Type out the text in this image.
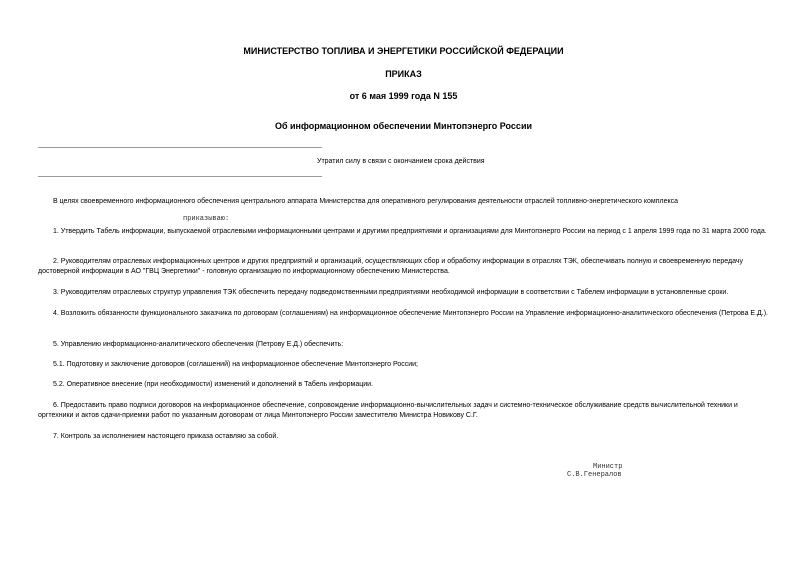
МИНИСТЕРСТВО ТОПЛИВА И ЭНЕРГЕТИКИ РОССИЙСКОЙ ФЕДЕРАЦИИ
ПРИКАЗ
от 6 мая 1999 года N 155
Об информационном обеспечении Минтопэнерго России
Утратил силу в связи с окончанием срока действия

В целях своевременного информационного обеспечения центрального аппарата Министерства для оперативного регулирования деятельности отраслей топливно-энергетического комплекса

приказываю:

1. Утвердить Табель информации, выпускаемой отраслевыми информационными центрами и другими предприятиями и организациями для Минтопэнерго России на период с 1 апреля 1999 года по 31 марта 2000 года.

2. Руководителям отраслевых информационных центров и других предприятий и организаций, осуществляющих сбор и обработку информации в отраслях ТЭК, обеспечивать полную и своевременную передачу достоверной информации в АО "ГВЦ Энергетики" - головную организацию по информационному обеспечению Министерства.

3. Руководителям отраслевых структур управления ТЭК обеспечить передачу подведомственными предприятиями необходимой информации в соответствии с Табелем информации в установленные сроки.

4. Возложить обязанности функционального заказчика по договорам (соглашениям) на информационное обеспечение Минтопэнерго России на Управление информационно-аналитического обеспечения (Петрова Е.Д.).

5. Управлению информационно-аналитического обеспечения (Петрову Е.Д.) обеспечить:

5.1. Подготовку и заключение договоров (соглашений) на информационное обеспечение Минтопэнерго России;

5.2. Оперативное внесение (при необходимости) изменений и дополнений в Табель информации.

6. Предоставить право подписи договоров на информационное обеспечение, сопровождение информационно-вычислительных задач и системно-техническое обслуживание средств вычислительной техники и оргтехники и актов сдачи-приемки работ по указанным договорам от лица Минтопэнерго России заместителю Министра Новикову С.Г.

7. Контроль за исполнением настоящего приказа оставляю за собой.

Министр
С.В.Генералов
